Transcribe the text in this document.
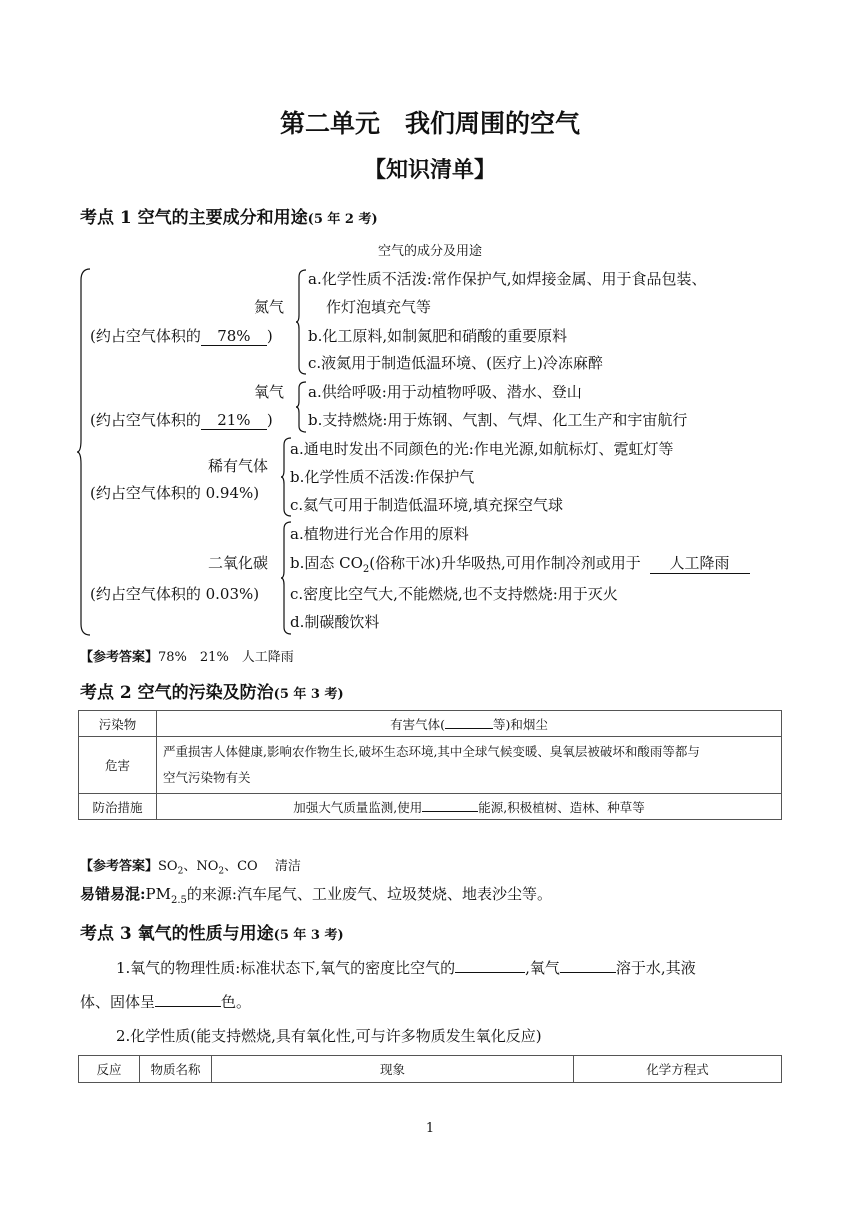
第二单元　我们周围的空气
【知识清单】
考点 1 空气的主要成分和用途(5 年 2 考)
空气的成分及用途
氮气
(约占空气体积的 78% )
a.化学性质不活泼:常作保护气,如焊接金属、用于食品包装、
作灯泡填充气等
b.化工原料,如制氮肥和硝酸的重要原料
c.液氮用于制造低温环境、(医疗上)冷冻麻醉
氧气
(约占空气体积的 21% )
a.供给呼吸:用于动植物呼吸、潜水、登山
b.支持燃烧:用于炼钢、气割、气焊、化工生产和宇宙航行
稀有气体
(约占空气体积的 0.94%)
a.通电时发出不同颜色的光:作电光源,如航标灯、霓虹灯等
b.化学性质不活泼:作保护气
c.氦气可用于制造低温环境,填充探空气球
二氧化碳
(约占空气体积的 0.03%)
a.植物进行光合作用的原料
b.固态 $CO_2$(俗称干冰)升华吸热,可用作制冷剂或用于 人工降雨
c.密度比空气大,不能燃烧,也不支持燃烧:用于灭火
d.制碳酸饮料
【参考答案】78%　21%　人工降雨
考点 2 空气的污染及防治(5 年 3 考)
污染物	有害气体( 等)和烟尘
危害	严重损害人体健康,影响农作物生长,破坏生态环境,其中全球气候变暖、臭氧层被破坏和酸雨等都与
空气污染物有关
防治措施	加强大气质量监测,使用 能源,积极植树、造林、种草等
【参考答案】$SO_2$、$NO_2$、CO　 清洁
易错易混$:PM_{2.5}$的来源:汽车尾气、工业废气、垃圾焚烧、地表沙尘等。
考点 3 氧气的性质与用途(5 年 3 考)
1.氧气的物理性质:标准状态下,氧气的密度比空气的	,氧气	溶于水,其液
体、固体呈	色。
2.化学性质(能支持燃烧,具有氧化性,可与许多物质发生氧化反应)
反应	物质名称	现象	化学方程式
1
